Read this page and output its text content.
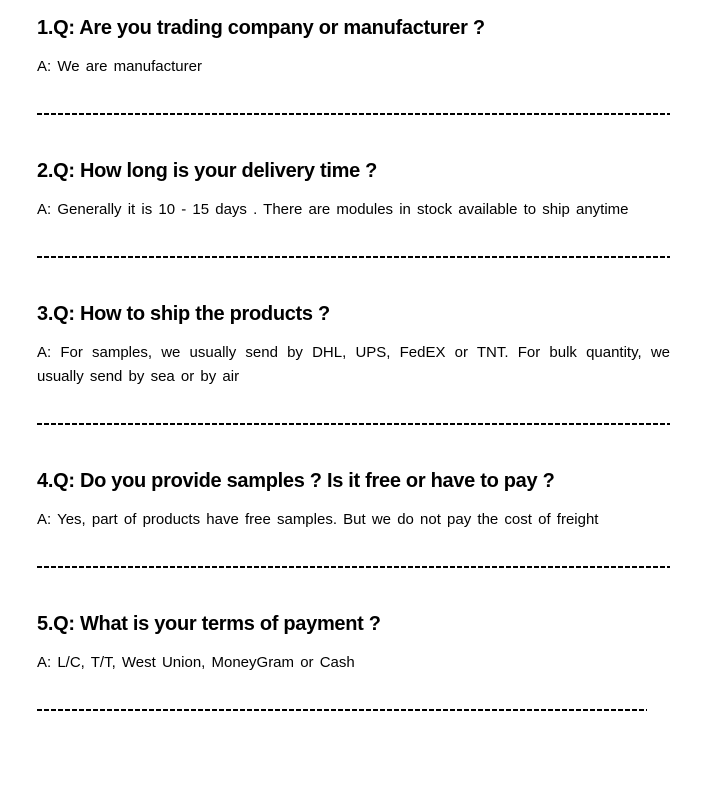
1.Q: Are you trading company or manufacturer ?

A: We are manufacturer

2.Q: How long is your delivery time ?

A: Generally it is 10 - 15 days . There are modules in stock available to ship anytime

3.Q: How to ship the products ?

A: For samples, we usually send by DHL, UPS, FedEX or TNT. For bulk quantity, we usually send by sea or by air

4.Q: Do you provide samples ? Is it free or have to pay ?

A: Yes, part of products have free samples. But we do not pay the cost of freight

5.Q: What is your terms of payment ?

A: L/C, T/T, West Union, MoneyGram or Cash
